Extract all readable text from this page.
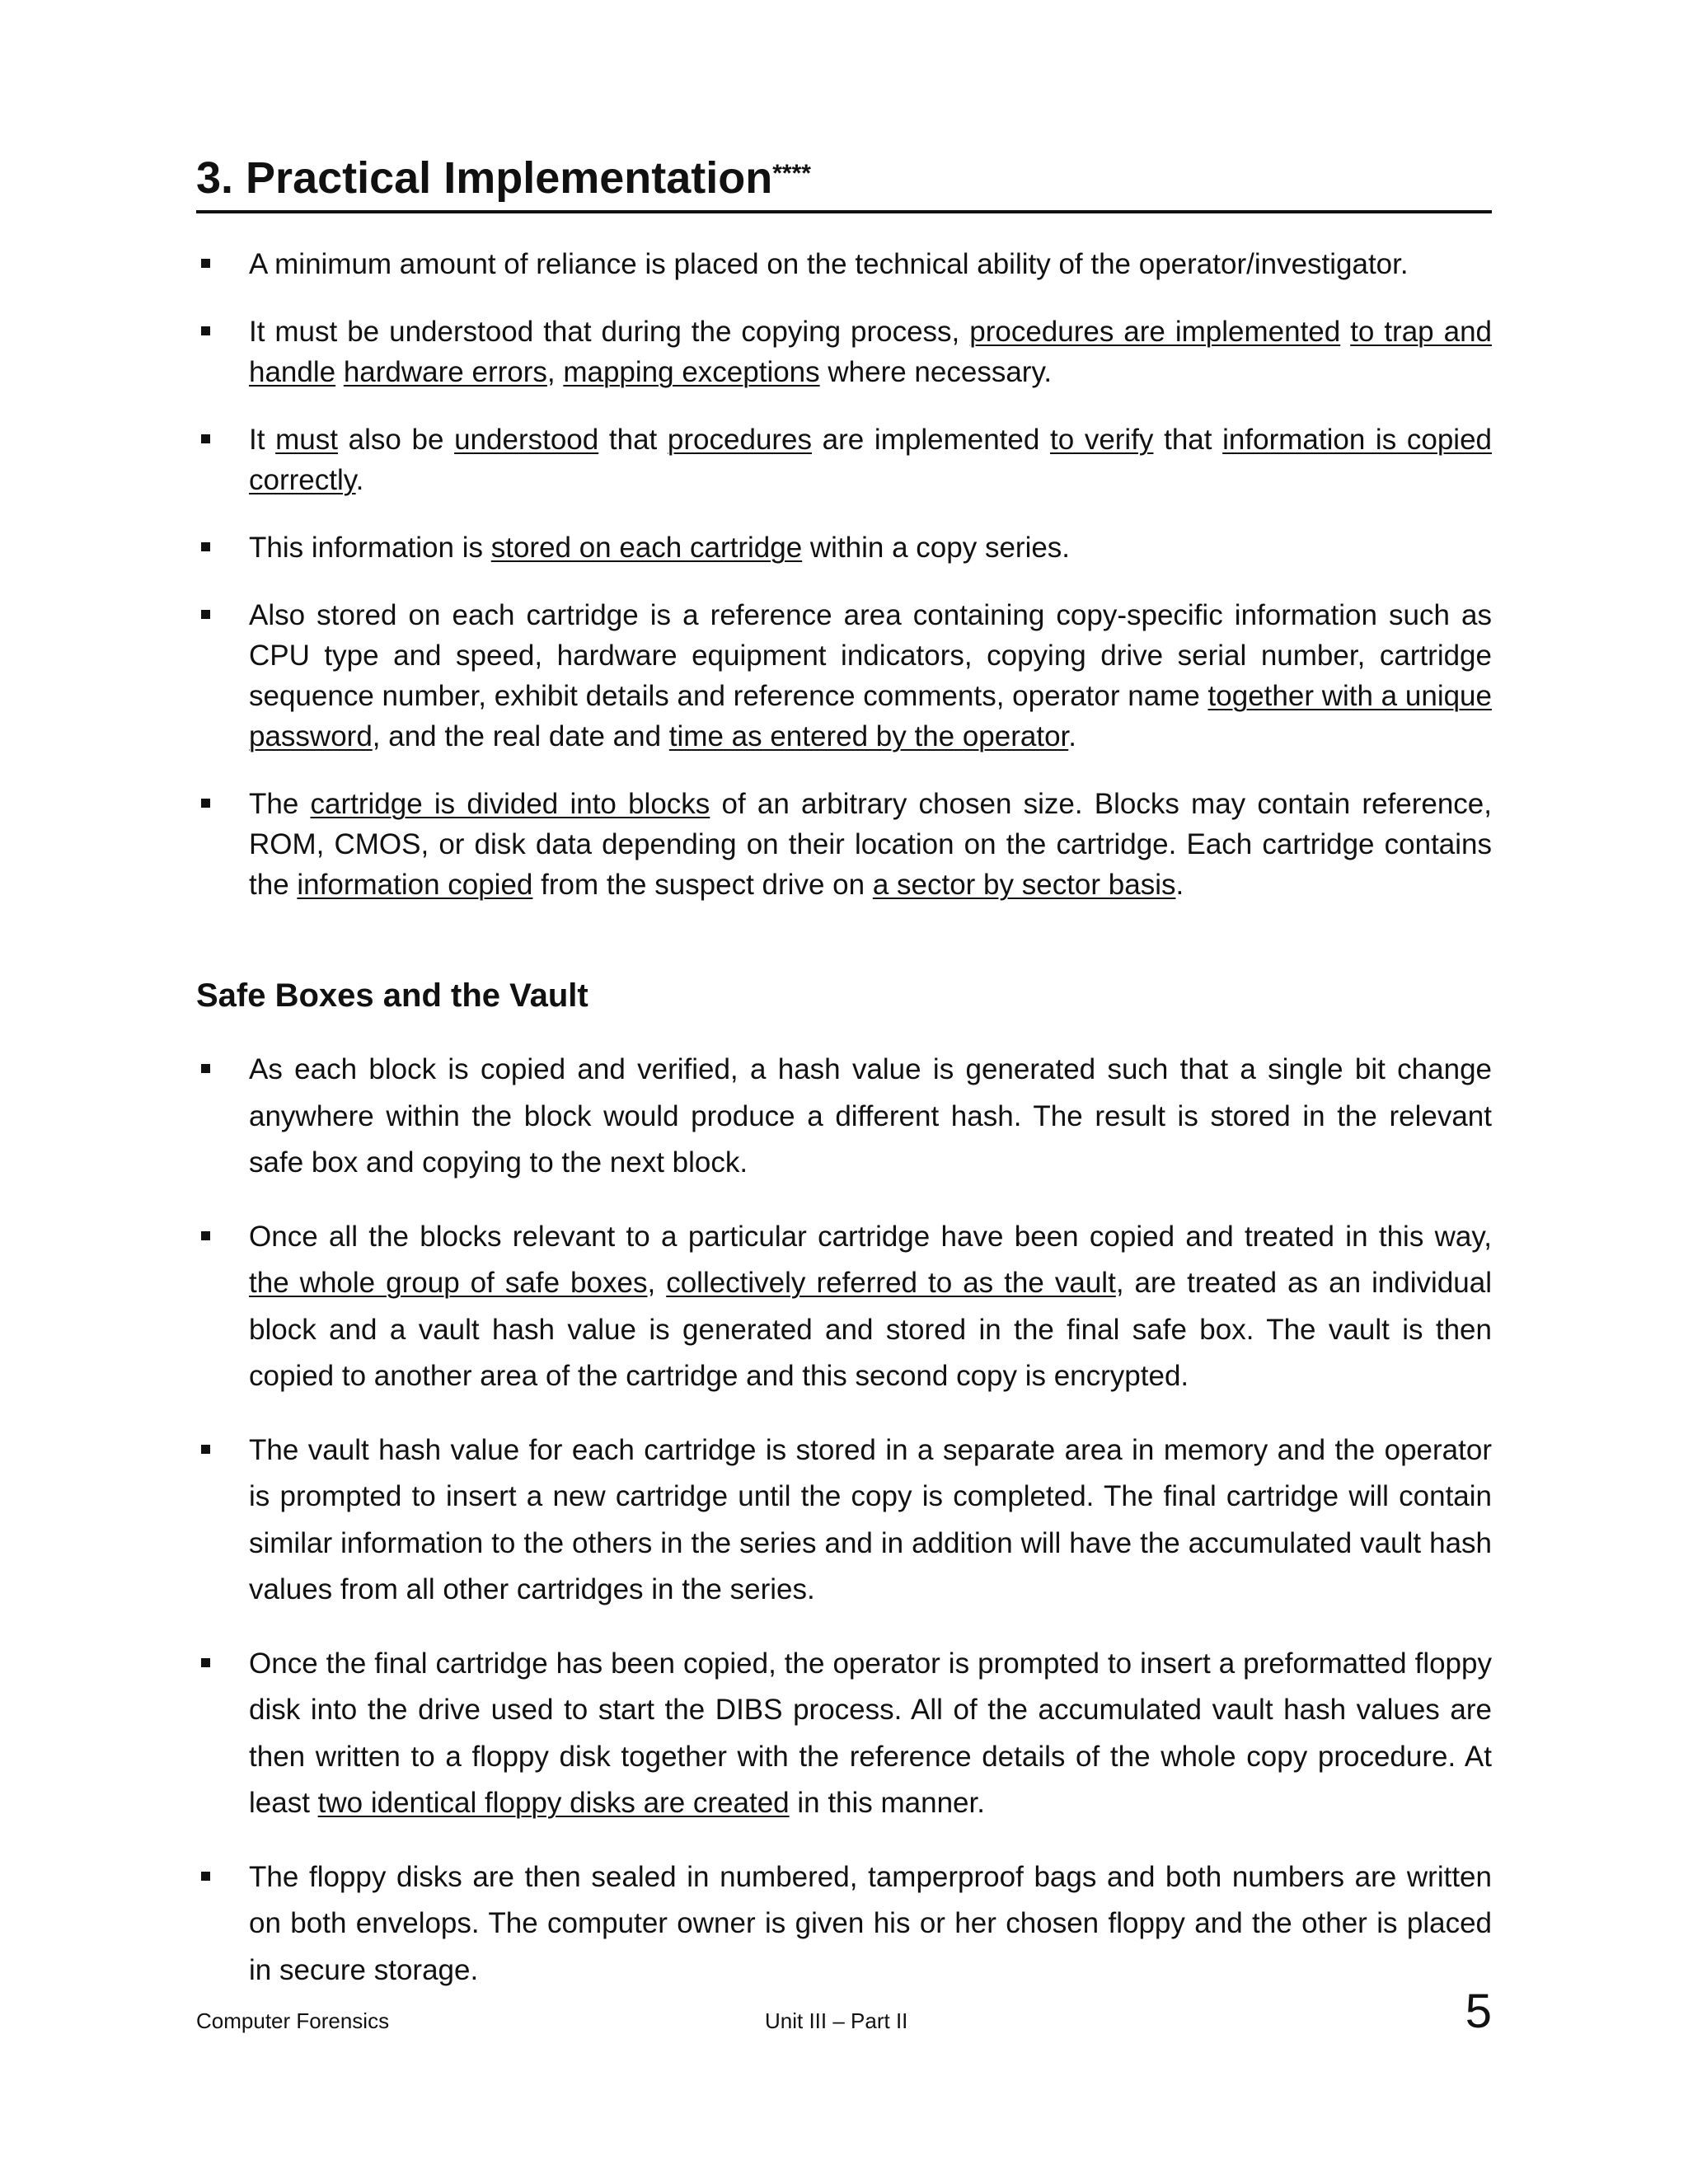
3. Practical Implementation****
A minimum amount of reliance is placed on the technical ability of the operator/investigator.
It must be understood that during the copying process, procedures are implemented to trap and handle hardware errors, mapping exceptions where necessary.
It must also be understood that procedures are implemented to verify that information is copied correctly.
This information is stored on each cartridge within a copy series.
Also stored on each cartridge is a reference area containing copy-specific information such as CPU type and speed, hardware equipment indicators, copying drive serial number, cartridge sequence number, exhibit details and reference comments, operator name together with a unique password, and the real date and time as entered by the operator.
The cartridge is divided into blocks of an arbitrary chosen size. Blocks may contain reference, ROM, CMOS, or disk data depending on their location on the cartridge. Each cartridge contains the information copied from the suspect drive on a sector by sector basis.
Safe Boxes and the Vault
As each block is copied and verified, a hash value is generated such that a single bit change anywhere within the block would produce a different hash. The result is stored in the relevant safe box and copying to the next block.
Once all the blocks relevant to a particular cartridge have been copied and treated in this way, the whole group of safe boxes, collectively referred to as the vault, are treated as an individual block and a vault hash value is generated and stored in the final safe box. The vault is then copied to another area of the cartridge and this second copy is encrypted.
The vault hash value for each cartridge is stored in a separate area in memory and the operator is prompted to insert a new cartridge until the copy is completed. The final cartridge will contain similar information to the others in the series and in addition will have the accumulated vault hash values from all other cartridges in the series.
Once the final cartridge has been copied, the operator is prompted to insert a preformatted floppy disk into the drive used to start the DIBS process. All of the accumulated vault hash values are then written to a floppy disk together with the reference details of the whole copy procedure. At least two identical floppy disks are created in this manner.
The floppy disks are then sealed in numbered, tamperproof bags and both numbers are written on both envelops. The computer owner is given his or her chosen floppy and the other is placed in secure storage.
Computer Forensics	Unit III – Part II	5
